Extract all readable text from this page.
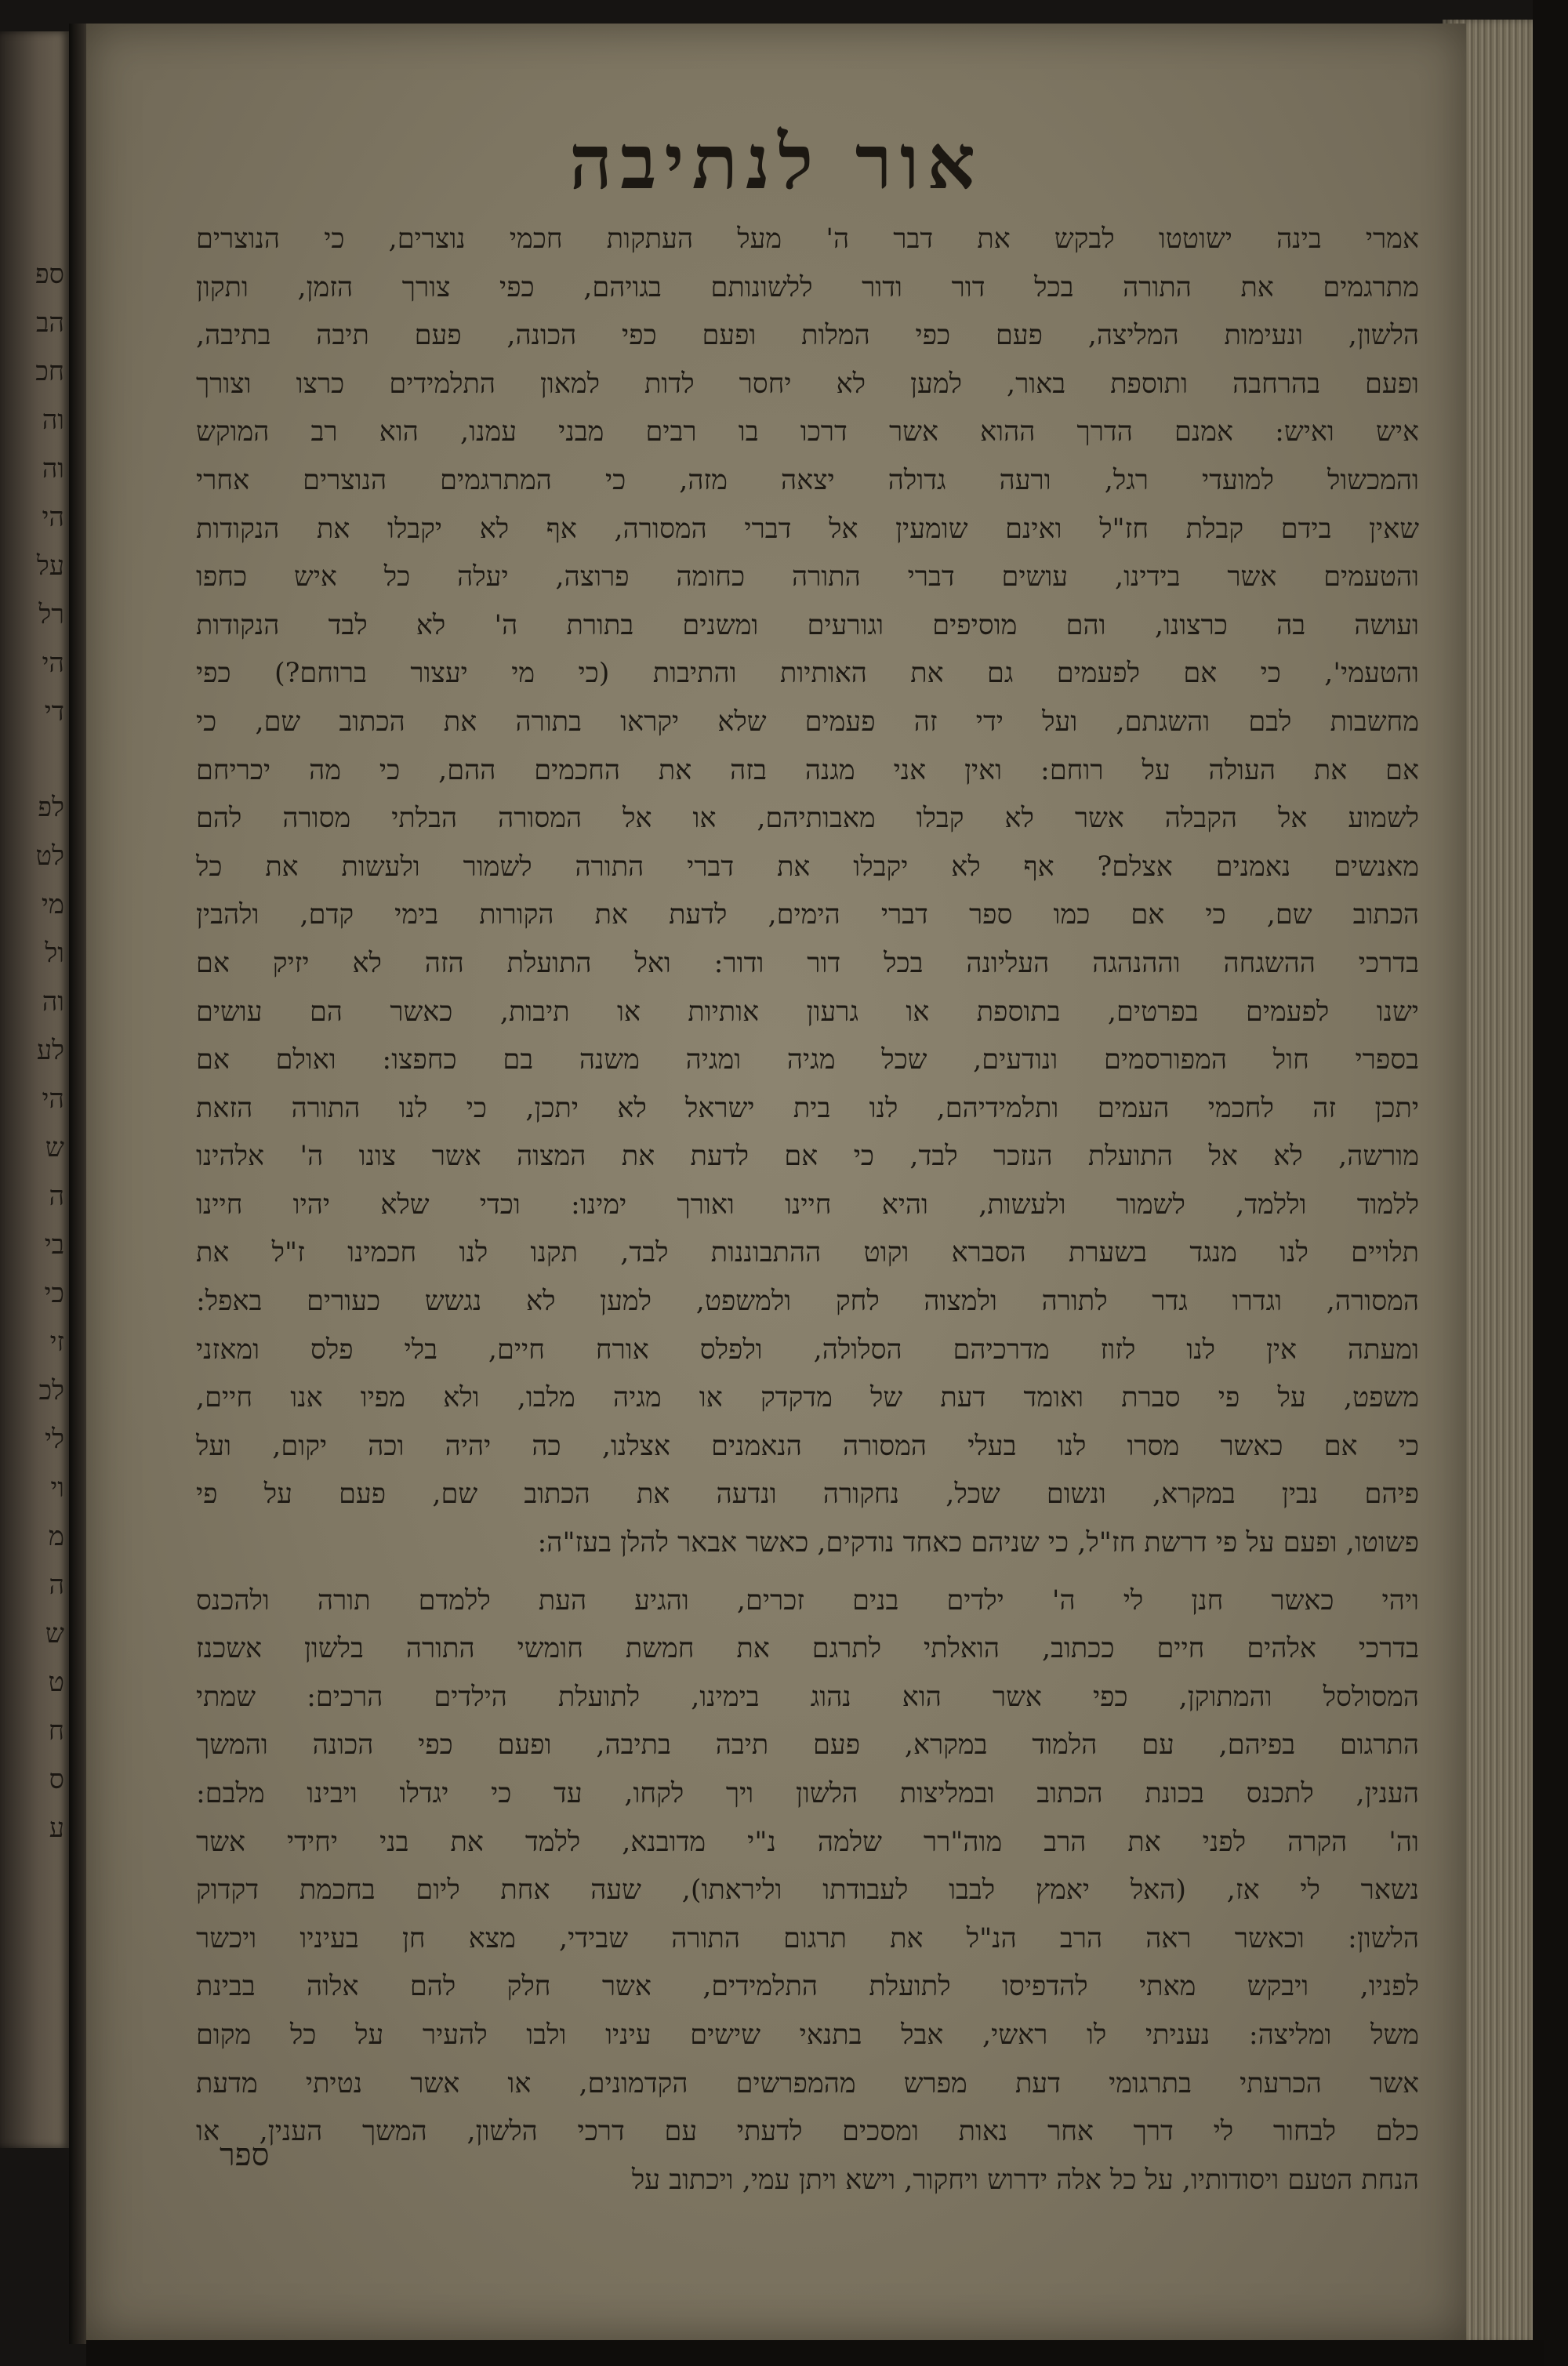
ספ
הב
חכ
וה
וה
הי
על
רל
הי
די
לפ
לט
מי
ול
וה
לע
הי
ש
ה
בי
כי
זי
לכ
לי
וי
מ
ה
ש
ט
ח
ס
ע
אור לנתיבה

אמרי בינה ישוטטו לבקש את דבר ה' מעל העתקות חכמי נוצרים, כי הנוצרים
מתרגמים את התורה בכל דור ודור ללשונותם בגויהם, כפי צורך הזמן, ותקון
הלשון, ונעימות המליצה, פעם כפי המלות ופעם כפי הכונה, פעם תיבה בתיבה,
ופעם בהרחבה ותוספת באור, למען לא יחסר לדות למאון התלמידים כרצו וצורך
איש ואיש: אמנם הדרך ההוא אשר דרכו בו רבים מבני עמנו, הוא רב המוקש
והמכשול למועדי רגל, ורעה גדולה יצאה מזה, כי המתרגמים הנוצרים אחרי
שאין בידם קבלת חז"ל ואינם שומעין אל דברי המסורה, אף לא יקבלו את הנקודות
והטעמים אשר בידינו, עושים דברי התורה כחומה פרוצה, יעלה כל איש כחפו
ועושה בה כרצונו, והם מוסיפים וגורעים ומשנים בתורת ה' לא לבד הנקודות
והטעמי', כי אם לפעמים גם את האותיות והתיבות (כי מי יעצור ברוחם?) כפי
מחשבות לבם והשגתם, ועל ידי זה פעמים שלא יקראו בתורה את הכתוב שם, כי
אם את העולה על רוחם: ואין אני מגנה בזה את החכמים ההם, כי מה יכריחם
לשמוע אל הקבלה אשר לא קבלו מאבותיהם, או אל המסורה הבלתי מסורה להם
מאנשים נאמנים אצלם? אף לא יקבלו את דברי התורה לשמור ולעשות את כל
הכתוב שם, כי אם כמו ספר דברי הימים, לדעת את הקורות בימי קדם, ולהבין
בדרכי ההשגחה וההנהגה העליונה בכל דור ודור: ואל התועלת הזה לא יזיק אם
ישנו לפעמים בפרטים, בתוספת או גרעון אותיות או תיבות, כאשר הם עושים
בספרי חול המפורסמים ונודעים, שכל מגיה ומגיה משנה בם כחפצו: ואולם אם
יתכן זה לחכמי העמים ותלמידיהם, לנו בית ישראל לא יתכן, כי לנו התורה הזאת
מורשה, לא אל התועלת הנזכר לבד, כי אם לדעת את המצוה אשר צונו ה' אלהינו
ללמוד וללמד, לשמור ולעשות, והיא חיינו ואורך ימינו: וכדי שלא יהיו חיינו
תלויים לנו מנגד בשערת הסברא וקוט ההתבוננות לבד, תקנו לנו חכמינו ז"ל את
המסורה, וגדרו גדר לתורה ולמצוה לחק ולמשפט, למען לא נגשש כעורים באפל:
ומעתה אין לנו לזוז מדרכיהם הסלולה, ולפלס אורח חיים, בלי פלס ומאזני
משפט, על פי סברת ואומד דעת של מדקדק או מגיה מלבו, ולא מפיו אנו חיים,
כי אם כאשר מסרו לנו בעלי המסורה הנאמנים אצלנו, כה יהיה וכה יקום, ועל
פיהם נבין במקרא, ונשום שכל, נחקורה ונדעה את הכתוב שם, פעם על פי
פשוטו, ופעם על פי דרשת חז"ל, כי שניהם כאחד נודקים, כאשר אבאר להלן בעז"ה:

ויהי כאשר חנן לי ה' ילדים בנים זכרים, והגיע העת ללמדם תורה ולהכנס
בדרכי אלהים חיים ככתוב, הואלתי לתרגם את חמשת חומשי התורה בלשון אשכנז
המסולסל והמתוקן, כפי אשר הוא נהוג בימינו, לתועלת הילדים הרכים: שמתי
התרגום בפיהם, עם הלמוד במקרא, פעם תיבה בתיבה, ופעם כפי הכונה והמשך
הענין, לתכנס בכונת הכתוב ובמליצות הלשון ויך לקחו, עד כי יגדלו ויבינו מלבם:
וה' הקרה לפני את הרב מוה"רר שלמה נ"י מדובנא, ללמד את בני יחידי אשר
נשאר לי אז, (האל יאמץ לבבו לעבודתו וליראתו), שעה אחת ליום בחכמת דקדוק
הלשון: וכאשר ראה הרב הנ"ל את תרגום התורה שבידי, מצא חן בעיניו ויכשר
לפניו, ויבקש מאתי להדפיסו לתועלת התלמידים, אשר חלק להם אלוה בבינת
משל ומליצה: נעניתי לו ראשי, אבל בתנאי שישים עיניו ולבו להעיר על כל מקום
אשר הכרעתי בתרגומי דעת מפרש מהמפרשים הקדמונים, או אשר נטיתי מדעת
כלם לבחור לי דרך אחר נאות ומסכים לדעתי עם דרכי הלשון, המשך הענין, או
הנחת הטעם ויסודותיו, על כל אלה ידרוש ויחקור, וישא ויתן עמי, ויכתוב על

ספר
